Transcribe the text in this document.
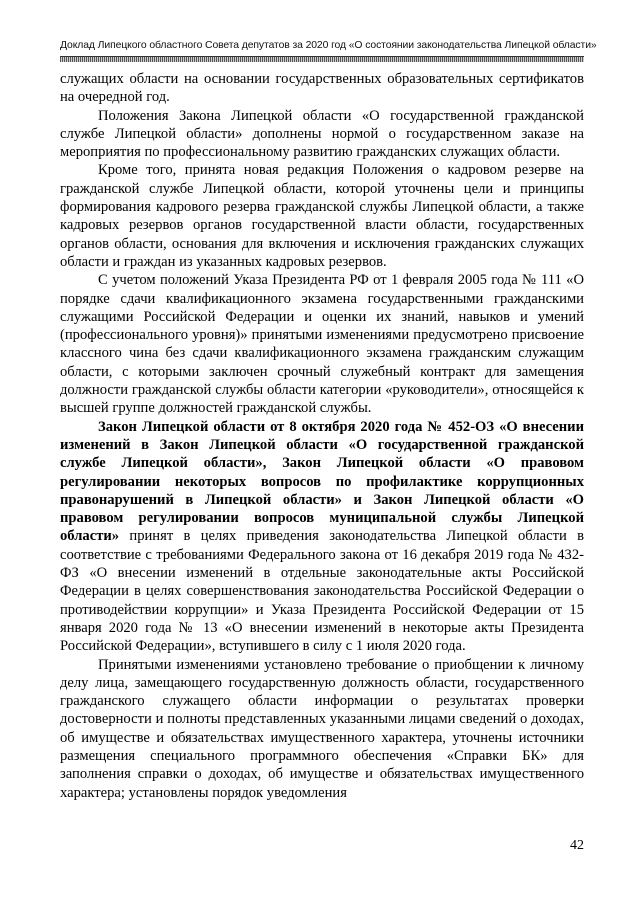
Доклад Липецкого областного Совета депутатов за 2020 год «О состоянии законодательства Липецкой области»

служащих области на основании государственных образовательных сертификатов на очередной год.

Положения Закона Липецкой области «О государственной гражданской службе Липецкой области» дополнены нормой о государственном заказе на мероприятия по профессиональному развитию гражданских служащих области.

Кроме того, принята новая редакция Положения о кадровом резерве на гражданской службе Липецкой области, которой уточнены цели и принципы формирования кадрового резерва гражданской службы Липецкой области, а также кадровых резервов органов государственной власти области, государственных органов области, основания для включения и исключения гражданских служащих области и граждан из указанных кадровых резервов.

С учетом положений Указа Президента РФ от 1 февраля 2005 года № 111 «О порядке сдачи квалификационного экзамена государственными гражданскими служащими Российской Федерации и оценки их знаний, навыков и умений (профессионального уровня)» принятыми изменениями предусмотрено присвоение классного чина без сдачи квалификационного экзамена гражданским служащим области, с которыми заключен срочный служебный контракт для замещения должности гражданской службы области категории «руководители», относящейся к высшей группе должностей гражданской службы.

Закон Липецкой области от 8 октября 2020 года № 452-ОЗ «О внесении изменений в Закон Липецкой области «О государственной гражданской службе Липецкой области», Закон Липецкой области «О правовом регулировании некоторых вопросов по профилактике коррупционных правонарушений в Липецкой области» и Закон Липецкой области «О правовом регулировании вопросов муниципальной службы Липецкой области» принят в целях приведения законодательства Липецкой области в соответствие с требованиями Федерального закона от 16 декабря 2019 года № 432-ФЗ «О внесении изменений в отдельные законодательные акты Российской Федерации в целях совершенствования законодательства Российской Федерации о противодействии коррупции» и Указа Президента Российской Федерации от 15 января 2020 года № 13 «О внесении изменений в некоторые акты Президента Российской Федерации», вступившего в силу с 1 июля 2020 года.

Принятыми изменениями установлено требование о приобщении к личному делу лица, замещающего государственную должность области, государственного гражданского служащего области информации о результатах проверки достоверности и полноты представленных указанными лицами сведений о доходах, об имуществе и обязательствах имущественного характера, уточнены источники размещения специального программного обеспечения «Справки БК» для заполнения справки о доходах, об имуществе и обязательствах имущественного характера; установлены порядок уведомления

42
